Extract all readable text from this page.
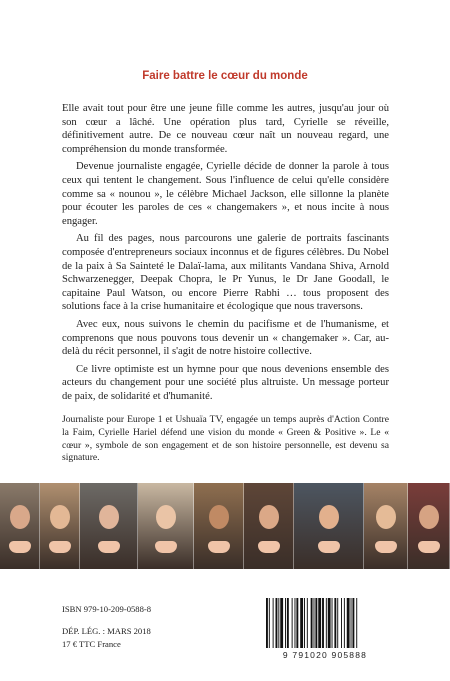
Faire battre le cœur du monde

Elle avait tout pour être une jeune fille comme les autres, jusqu'au jour où son cœur a lâché. Une opération plus tard, Cyrielle se réveille, définitivement autre. De ce nouveau cœur naît un nouveau regard, une compréhension du monde transformée.

Devenue journaliste engagée, Cyrielle décide de donner la parole à tous ceux qui tentent le changement. Sous l'influence de celui qu'elle considère comme sa « nounou », le célèbre Michael Jackson, elle sillonne la planète pour écouter les paroles de ces « changemakers », et nous incite à nous engager.

Au fil des pages, nous parcourons une galerie de portraits fascinants composée d'entrepreneurs sociaux inconnus et de figures célèbres. Du Nobel de la paix à Sa Sainteté le Dalaï-lama, aux militants Vandana Shiva, Arnold Schwarzenegger, Deepak Chopra, le Pr Yunus, le Dr Jane Goodall, le capitaine Paul Watson, ou encore Pierre Rabhi … tous proposent des solutions face à la crise humanitaire et écologique que nous traversons.

Avec eux, nous suivons le chemin du pacifisme et de l'humanisme, et comprenons que nous pouvons tous devenir un « changemaker ». Car, au-delà du récit personnel, il s'agit de notre histoire collective.

Ce livre optimiste est un hymne pour que nous devenions ensemble des acteurs du changement pour une société plus altruiste. Un message porteur de paix, de solidarité et d'humanité.

Journaliste pour Europe 1 et Ushuaïa TV, engagée un temps auprès d'Action Contre la Faim, Cyrielle Hariel défend une vision du monde « Green & Positive ». Le « cœur », symbole de son engagement et de son histoire personnelle, est devenu sa signature.
ISBN 979-10-209-0588-8
DÉP. LÉG. : MARS 2018
17 € TTC France
9 791020 905888
